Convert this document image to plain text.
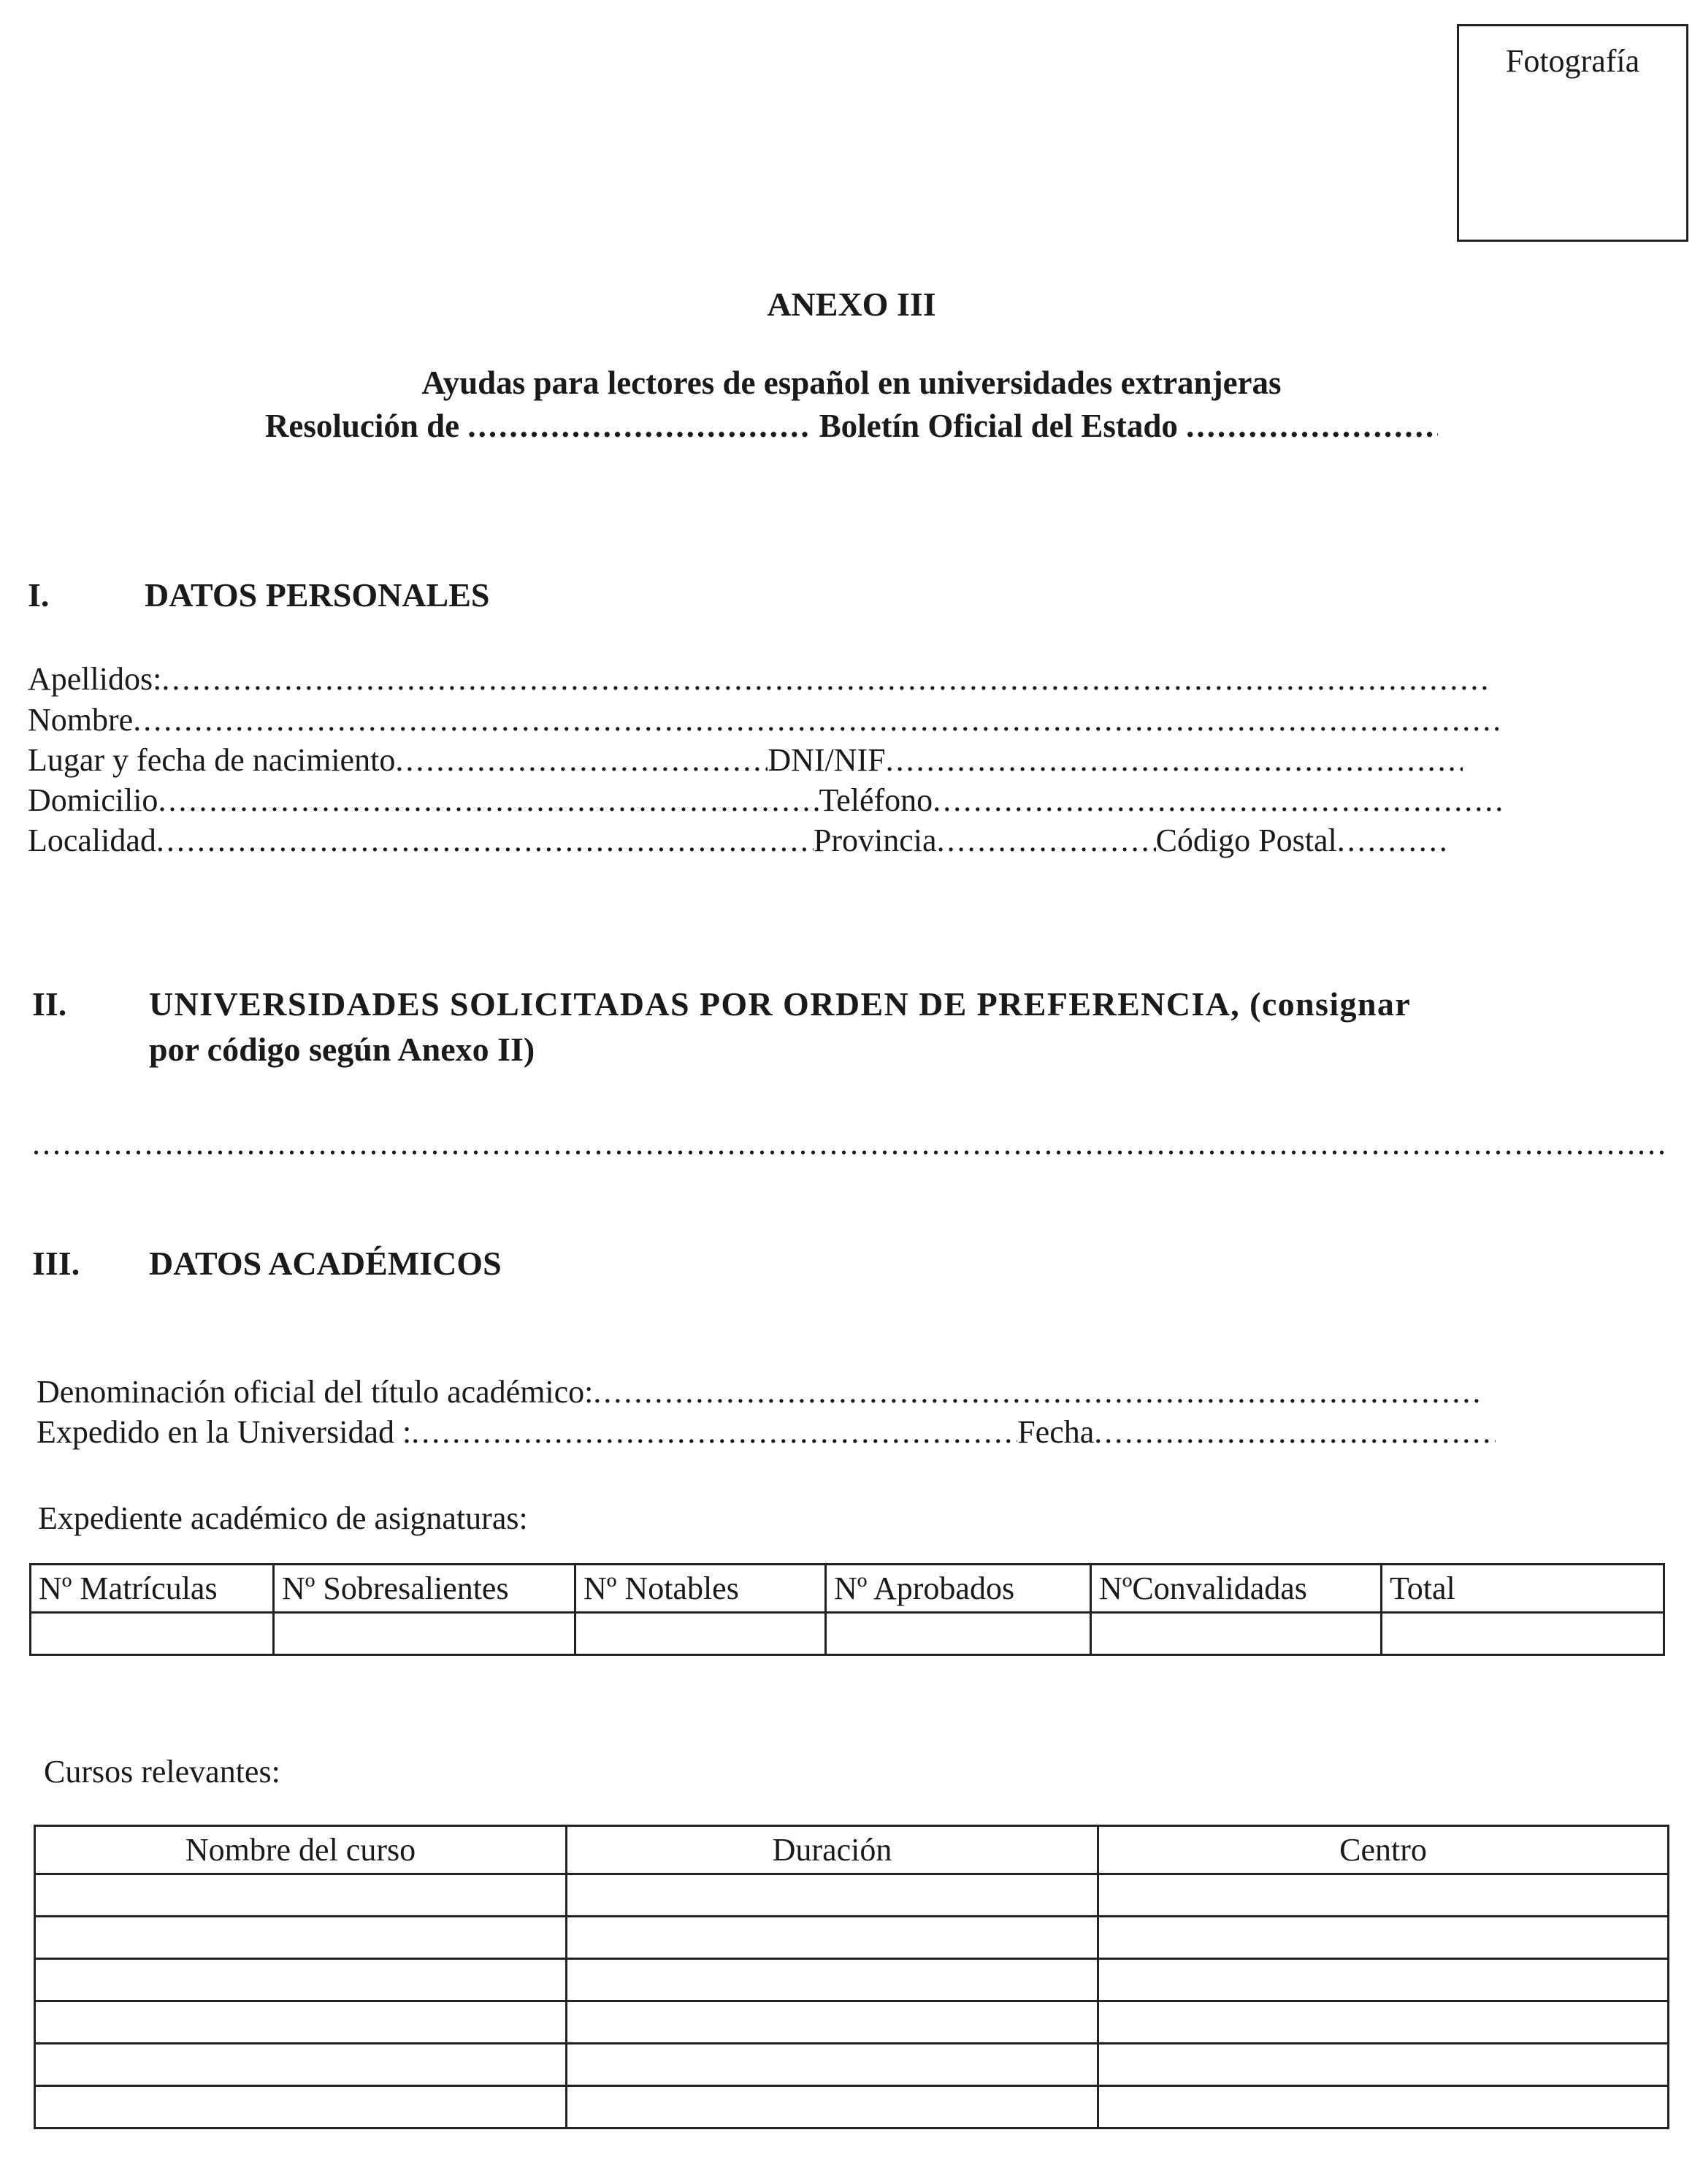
Fotografía
ANEXO III
Ayudas para lectores de español en universidades extranjeras
Resolución de .....	Boletín Oficial del Estado .....
I.	DATOS PERSONALES
Apellidos:
.....
Nombre
.....
Lugar y fecha de nacimiento .....	DNI/NIF
.....
Domicilio .....	Teléfono
.....
Localidad .....	Provincia .....	Código Postal
.....
II. UNIVERSIDADES SOLICITADAS POR ORDEN DE PREFERENCIA, (consignar
por código según Anexo II)
.....
III. DATOS ACADÉMICOS
Denominación oficial del título académico:
.....
Expedido en la Universidad : .....	Fecha
.....
Expediente académico de asignaturas:
Nº Matrículas	Nº Sobresalientes	Nº Notables	Nº Aprobados	NºConvalidadas	Total

Cursos relevantes:
Nombre del curso	Duración	Centro
